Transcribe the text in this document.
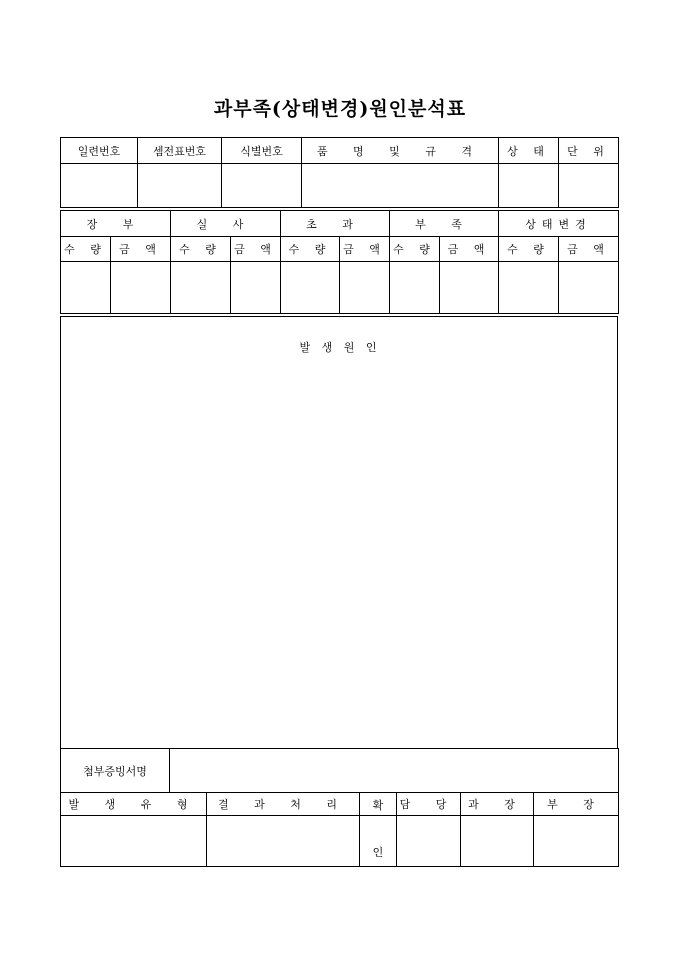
과부족(상태변경)원인분석표
일련번호	셈전표번호	식별번호	품 명 및 규 격	상 태	단 위

장 부		실 사		초 과		부 족		상태변경	
수 량	금 액	수 량	금 액	수 량	금 액	수 량	금 액	수 량	금 액

발 생 원 인
첨부증빙서명	
발 생 유 형	결 과 처 리	확	담 당	과 장	부 장
		인			
